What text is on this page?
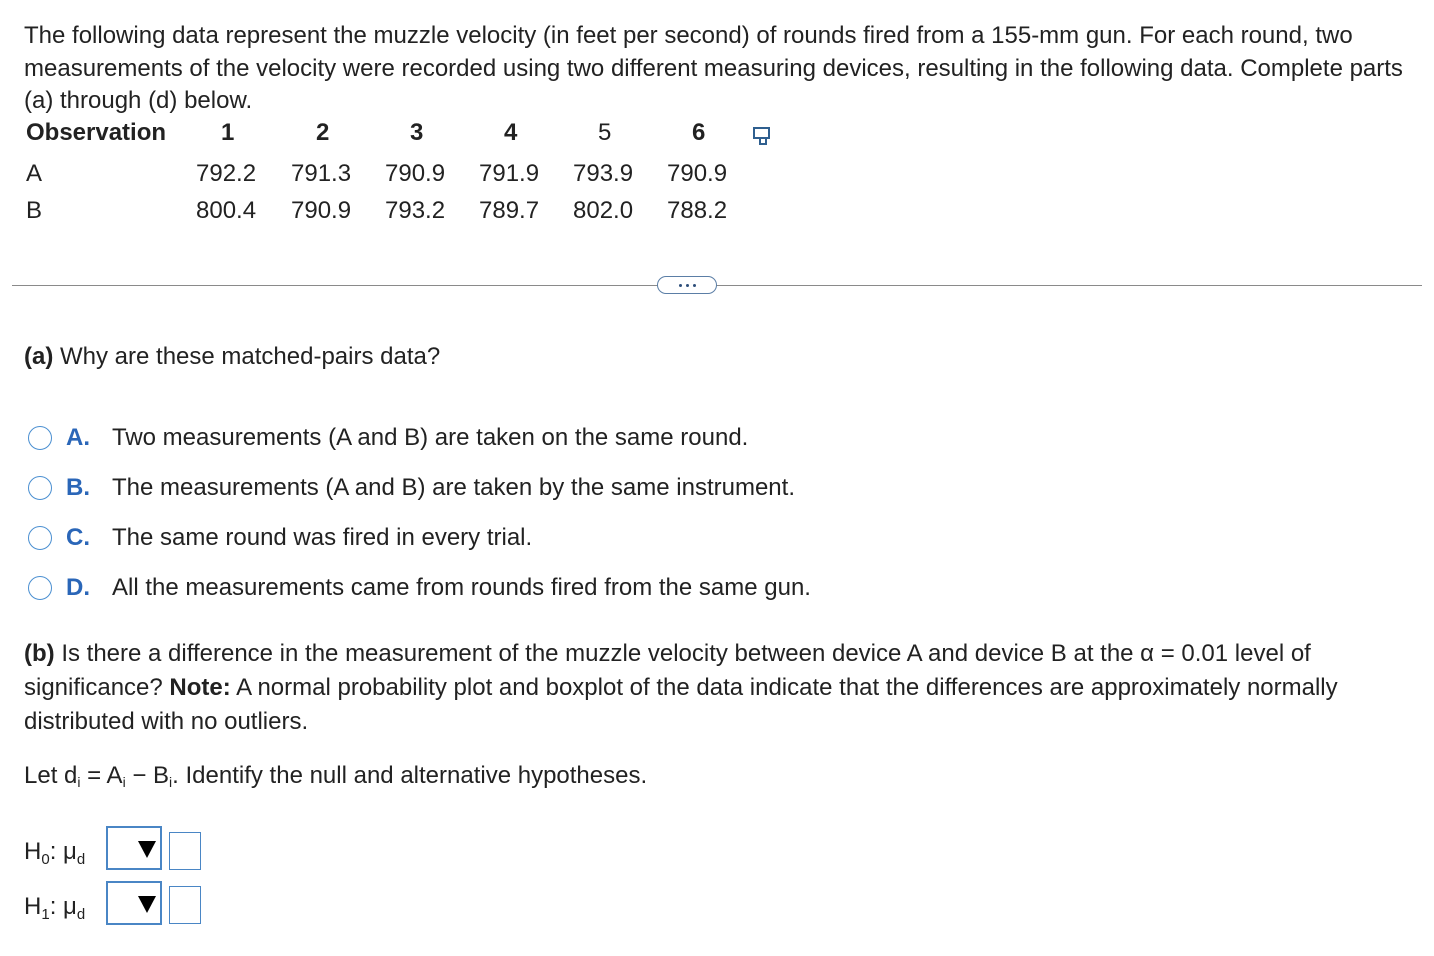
The following data represent the muzzle velocity (in feet per second) of rounds fired from a 155-mm gun. For each round, two measurements of the velocity were recorded using two different measuring devices, resulting in the following data. Complete parts (a) through (d) below.
Observation 1	2	3	4	5	6
A	792.2 791.3 790.9 791.9 793.9 790.9
B	800.4 790.9 793.2 789.7 802.0 788.2
(a) Why are these matched-pairs data?
A. Two measurements (A and B) are taken on the same round.
B. The measurements (A and B) are taken by the same instrument.
C. The same round was fired in every trial.
D. All the measurements came from rounds fired from the same gun.
(b) Is there a difference in the measurement of the muzzle velocity between device A and device B at the α = 0.01 level of significance? Note: A normal probability plot and boxplot of the data indicate that the differences are approximately normally distributed with no outliers.
Let $d_i = A_i - B_i$. Identify the null and alternative hypotheses.
$H_0$: $\mu_d$
$H_1$: $\mu_d$
